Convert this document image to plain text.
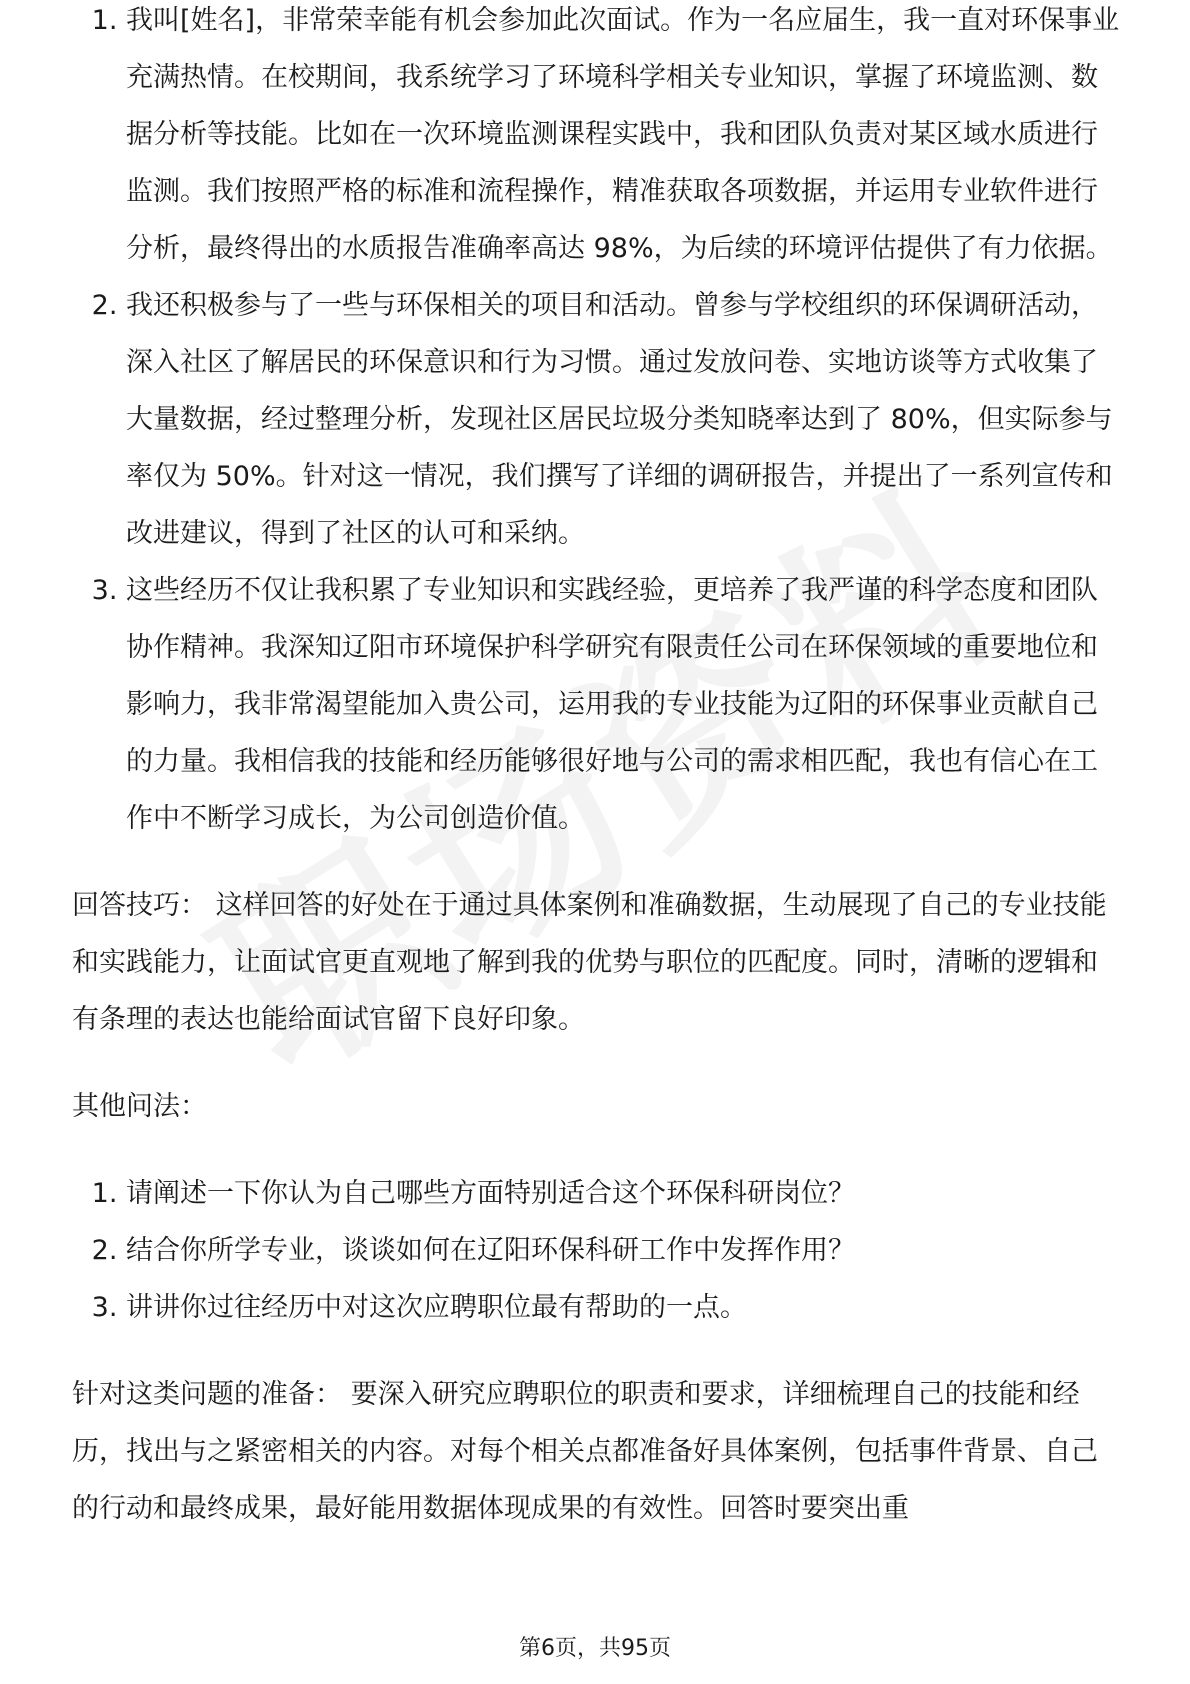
1. 我叫[姓名]，非常荣幸能有机会参加此次面试。作为一名应届生，我一直对环保事业充满热情。在校期间，我系统学习了环境科学相关专业知识，掌握了环境监测、数据分析等技能。比如在一次环境监测课程实践中，我和团队负责对某区域水质进行监测。我们按照严格的标准和流程操作，精准获取各项数据，并运用专业软件进行分析，最终得出的水质报告准确率高达 98%，为后续的环境评估提供了有力依据。
2. 我还积极参与了一些与环保相关的项目和活动。曾参与学校组织的环保调研活动，深入社区了解居民的环保意识和行为习惯。通过发放问卷、实地访谈等方式收集了大量数据，经过整理分析，发现社区居民垃圾分类知晓率达到了 80%，但实际参与率仅为 50%。针对这一情况，我们撰写了详细的调研报告，并提出了一系列宣传和改进建议，得到了社区的认可和采纳。
3. 这些经历不仅让我积累了专业知识和实践经验，更培养了我严谨的科学态度和团队协作精神。我深知辽阳市环境保护科学研究有限责任公司在环保领域的重要地位和影响力，我非常渴望能加入贵公司，运用我的专业技能为辽阳的环保事业贡献自己的力量。我相信我的技能和经历能够很好地与公司的需求相匹配，我也有信心在工作中不断学习成长，为公司创造价值。

回答技巧： 这样回答的好处在于通过具体案例和准确数据，生动展现了自己的专业技能和实践能力，让面试官更直观地了解到我的优势与职位的匹配度。同时，清晰的逻辑和有条理的表达也能给面试官留下良好印象。

其他问法：

1. 请阐述一下你认为自己哪些方面特别适合这个环保科研岗位？
2. 结合你所学专业，谈谈如何在辽阳环保科研工作中发挥作用？
3. 讲讲你过往经历中对这次应聘职位最有帮助的一点。

针对这类问题的准备： 要深入研究应聘职位的职责和要求，详细梳理自己的技能和经历，找出与之紧密相关的内容。对每个相关点都准备好具体案例，包括事件背景、自己的行动和最终成果，最好能用数据体现成果的有效性。回答时要突出重

第6页，共95页
